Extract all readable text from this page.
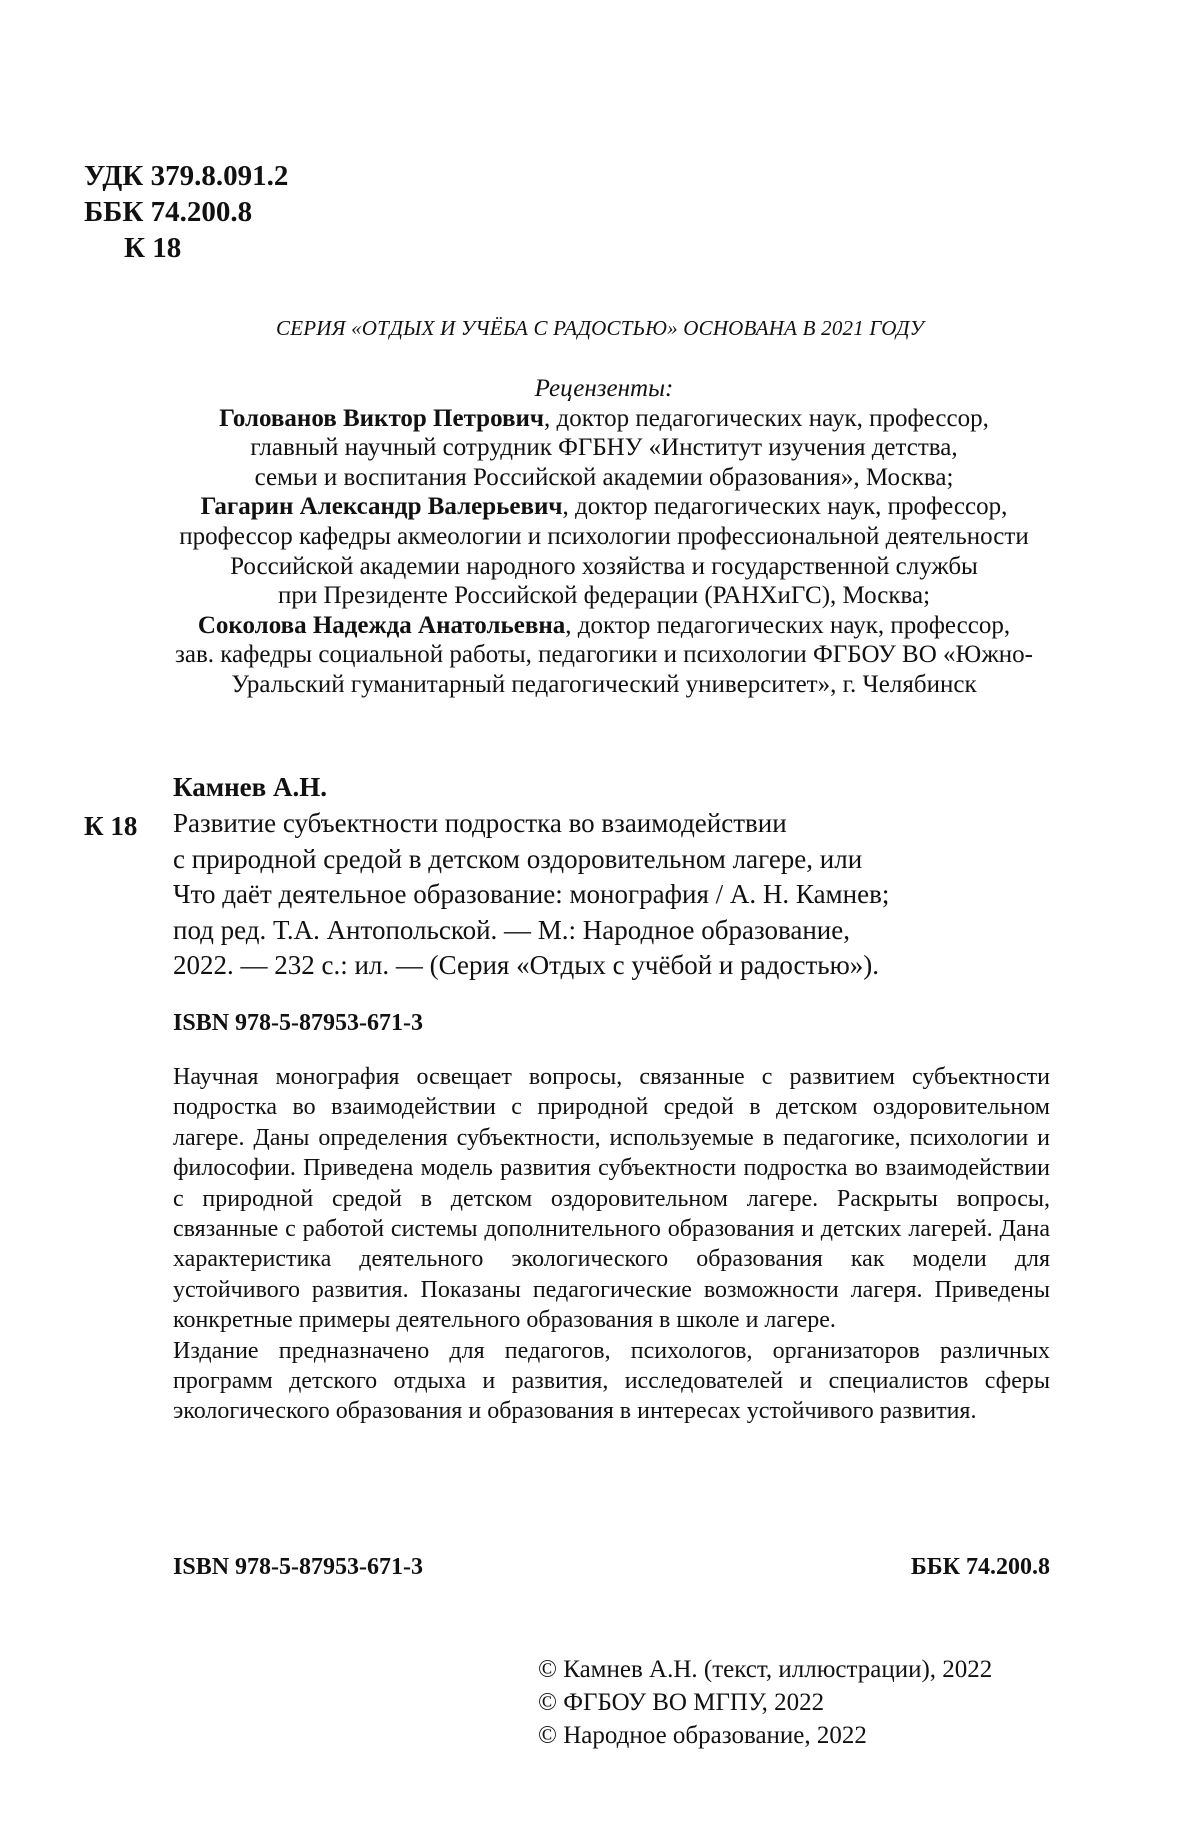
УДК 379.8.091.2
ББК 74.200.8
К 18
СЕРИЯ «ОТДЫХ И УЧЁБА С РАДОСТЬЮ» ОСНОВАНА В 2021 ГОДУ
Рецензенты:
Голованов Виктор Петрович, доктор педагогических наук, профессор,
главный научный сотрудник ФГБНУ «Институт изучения детства,
семьи и воспитания Российской академии образования», Москва;
Гагарин Александр Валерьевич, доктор педагогических наук, профессор,
профессор кафедры акмеологии и психологии профессиональной деятельности
Российской академии народного хозяйства и государственной службы
при Президенте Российской федерации (РАНХиГС), Москва;
Соколова Надежда Анатольевна, доктор педагогических наук, профессор,
зав. кафедры социальной работы, педагогики и психологии ФГБОУ ВО «Южно-
Уральский гуманитарный педагогический университет», г. Челябинск
Камнев А.Н.
К 18 Развитие субъектности подростка во взаимодействии
с природной средой в детском оздоровительном лагере, или
Что даёт деятельное образование: монография / А. Н. Камнев;
под ред. Т.А. Антопольской. — М.: Народное образование,
2022. — 232 с.: ил. — (Серия «Отдых с учёбой и радостью»).
ISBN 978-5-87953-671-3

Научная монография освещает вопросы, связанные с развитием субъектности подростка во взаимодействии с природной средой в детском оздоровительном лагере. Даны определения субъектности, используемые в педагогике, психологии и философии. Приведена модель развития субъектности подростка во взаимодействии с природной средой в детском оздоровительном лагере. Раскрыты вопросы, связанные с работой системы дополнительного образования и детских лагерей. Дана характеристика деятельного экологического образования как модели для устойчивого развития. Показаны педагогические возможности лагеря. Приведены конкретные примеры деятельного образования в школе и лагере.

Издание предназначено для педагогов, психологов, организаторов различных программ детского отдыха и развития, исследователей и специалистов сферы экологического образования и образования в интересах устойчивого развития.

ISBN 978-5-87953-671-3	ББК 74.200.8
© Камнев А.Н. (текст, иллюстрации), 2022
© ФГБОУ ВО МГПУ, 2022
© Народное образование, 2022
